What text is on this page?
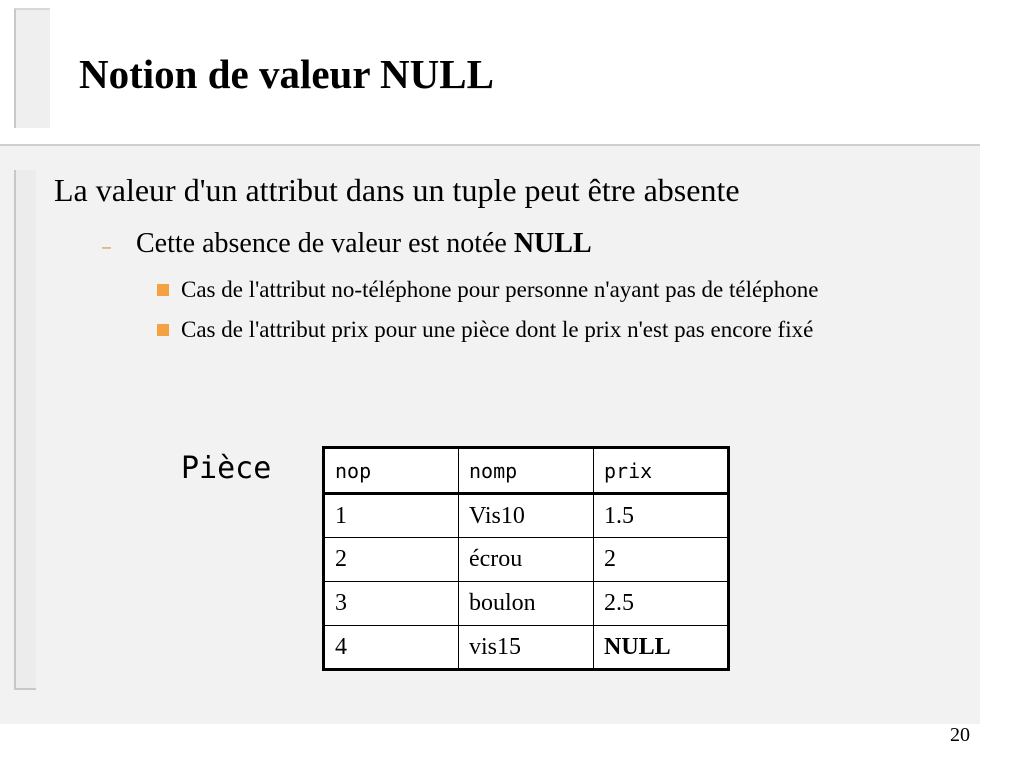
Notion de valeur NULL
La valeur d'un attribut dans un tuple peut être absente
– Cette absence de valeur est notée NULL
Cas de l'attribut no-téléphone pour personne n'ayant pas de téléphone
Cas de l'attribut prix pour une pièce dont le prix n'est pas encore fixé
Pièce	nop	nomp	prix
1	Vis10	1.5
2	écrou	2
3	boulon	2.5
4	vis15	NULL
20
